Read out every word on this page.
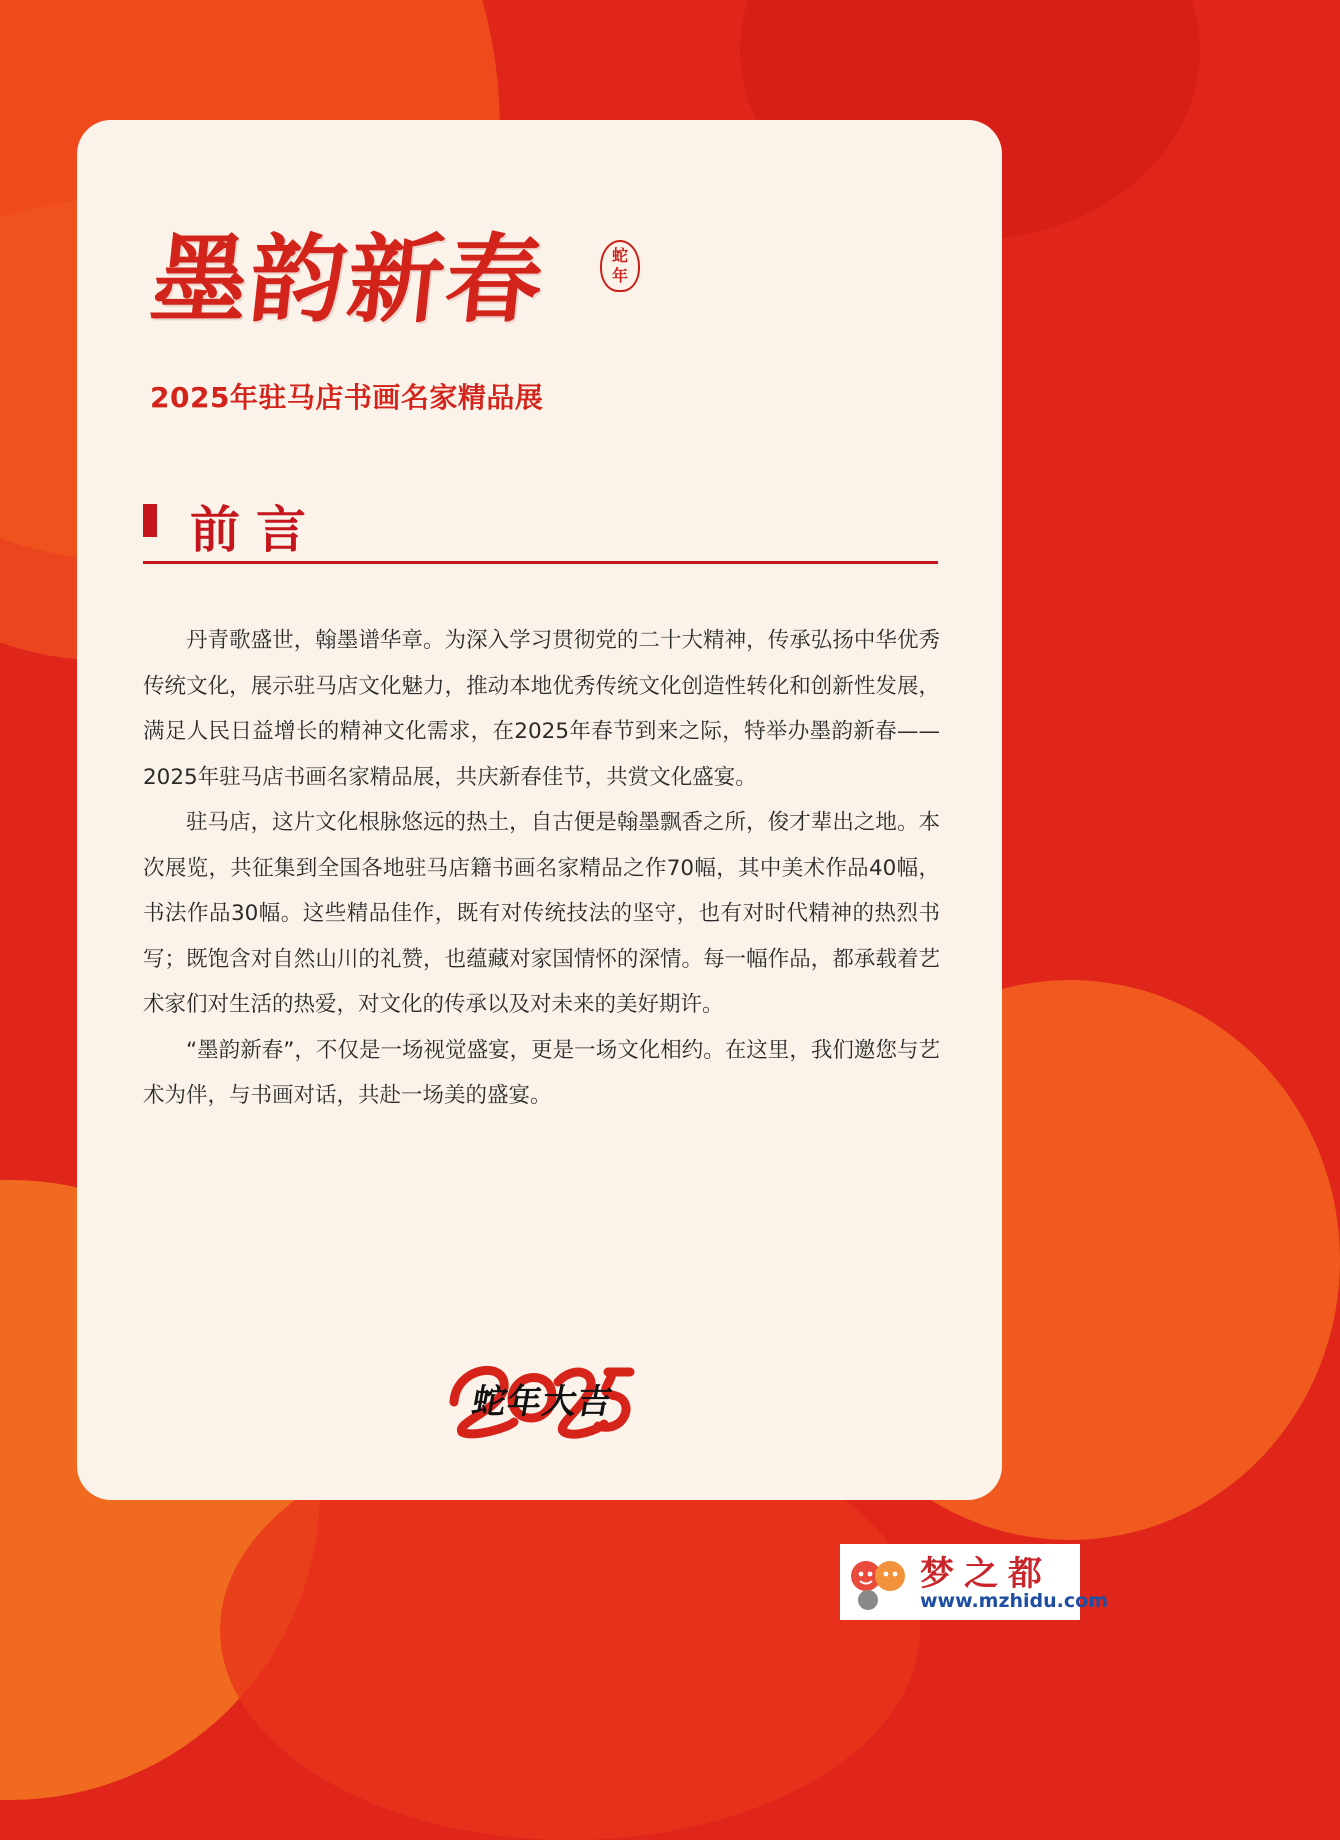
墨韵新春	蛇
年
2025年驻马店书画名家精品展
前言

丹青歌盛世，翰墨谱华章。为深入学习贯彻党的二十大精神，传承弘扬中华优秀传统文化，展示驻马店文化魅力，推动本地优秀传统文化创造性转化和创新性发展，满足人民日益增长的精神文化需求，在2025年春节到来之际，特举办墨韵新春——2025年驻马店书画名家精品展，共庆新春佳节，共赏文化盛宴。

驻马店，这片文化根脉悠远的热土，自古便是翰墨飘香之所，俊才辈出之地。本次展览，共征集到全国各地驻马店籍书画名家精品之作70幅，其中美术作品40幅，书法作品30幅。这些精品佳作，既有对传统技法的坚守，也有对时代精神的热烈书写；既饱含对自然山川的礼赞，也蕴藏对家国情怀的深情。每一幅作品，都承载着艺术家们对生活的热爱，对文化的传承以及对未来的美好期许。

“墨韵新春”，不仅是一场视觉盛宴，更是一场文化相约。在这里，我们邀您与艺术为伴，与书画对话，共赴一场美的盛宴。

蛇年大吉
梦之都
www.mzhidu.com
